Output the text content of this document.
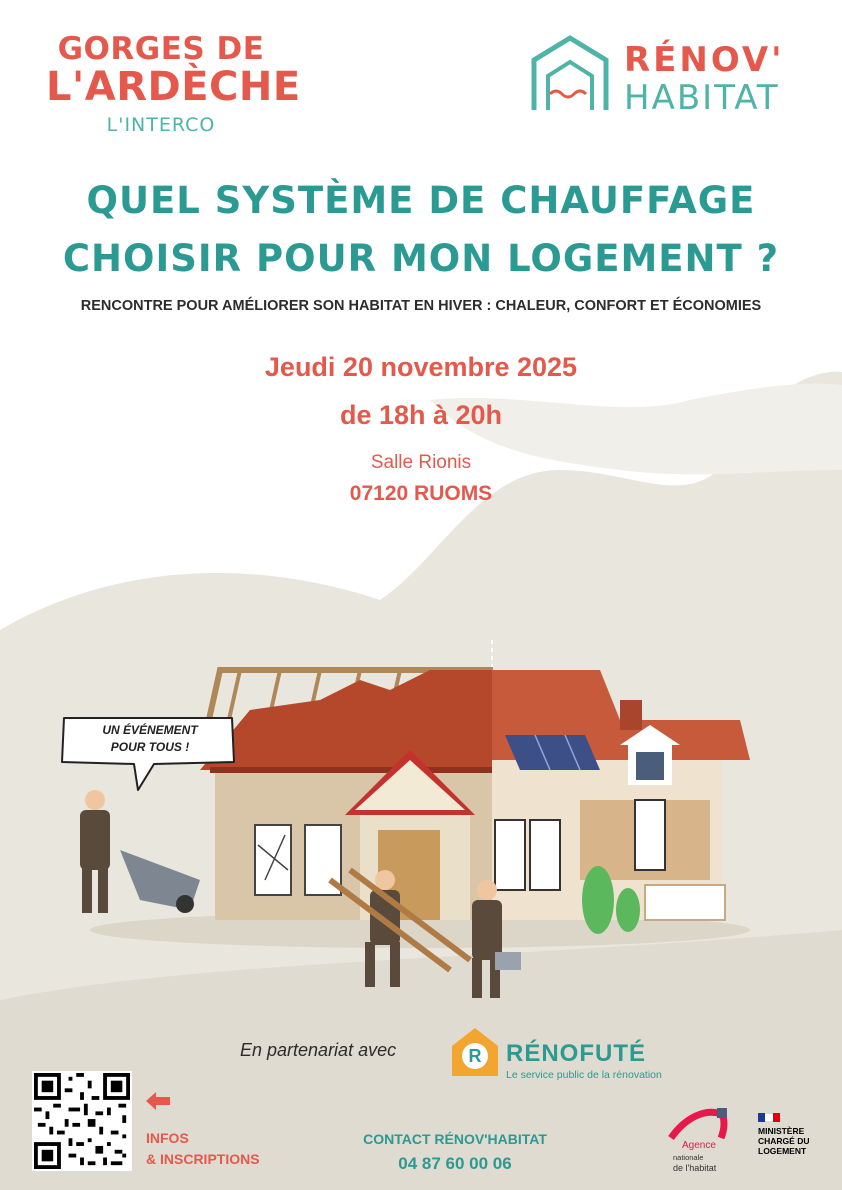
GORGES DE
L'ARDÈCHE
L'INTERCO
RÉNOV'
HABITAT
QUEL SYSTÈME DE CHAUFFAGE
CHOISIR POUR MON LOGEMENT ?
RENCONTRE POUR AMÉLIORER SON HABITAT EN HIVER : CHALEUR, CONFORT ET ÉCONOMIES
Jeudi 20 novembre 2025
de 18h à 20h
Salle Rionis
07120 RUOMS
UN ÉVÉNEMENT
POUR TOUS !
En partenariat avec	R RÉNOFUTÉ
Le service public de la rénovation
INFOS
& INSCRIPTIONS
CONTACT RÉNOV'HABITAT
04 87 60 00 06
Agence
nationale
de l'habitat
MINISTÈRE
CHARGÉ DU
LOGEMENT
